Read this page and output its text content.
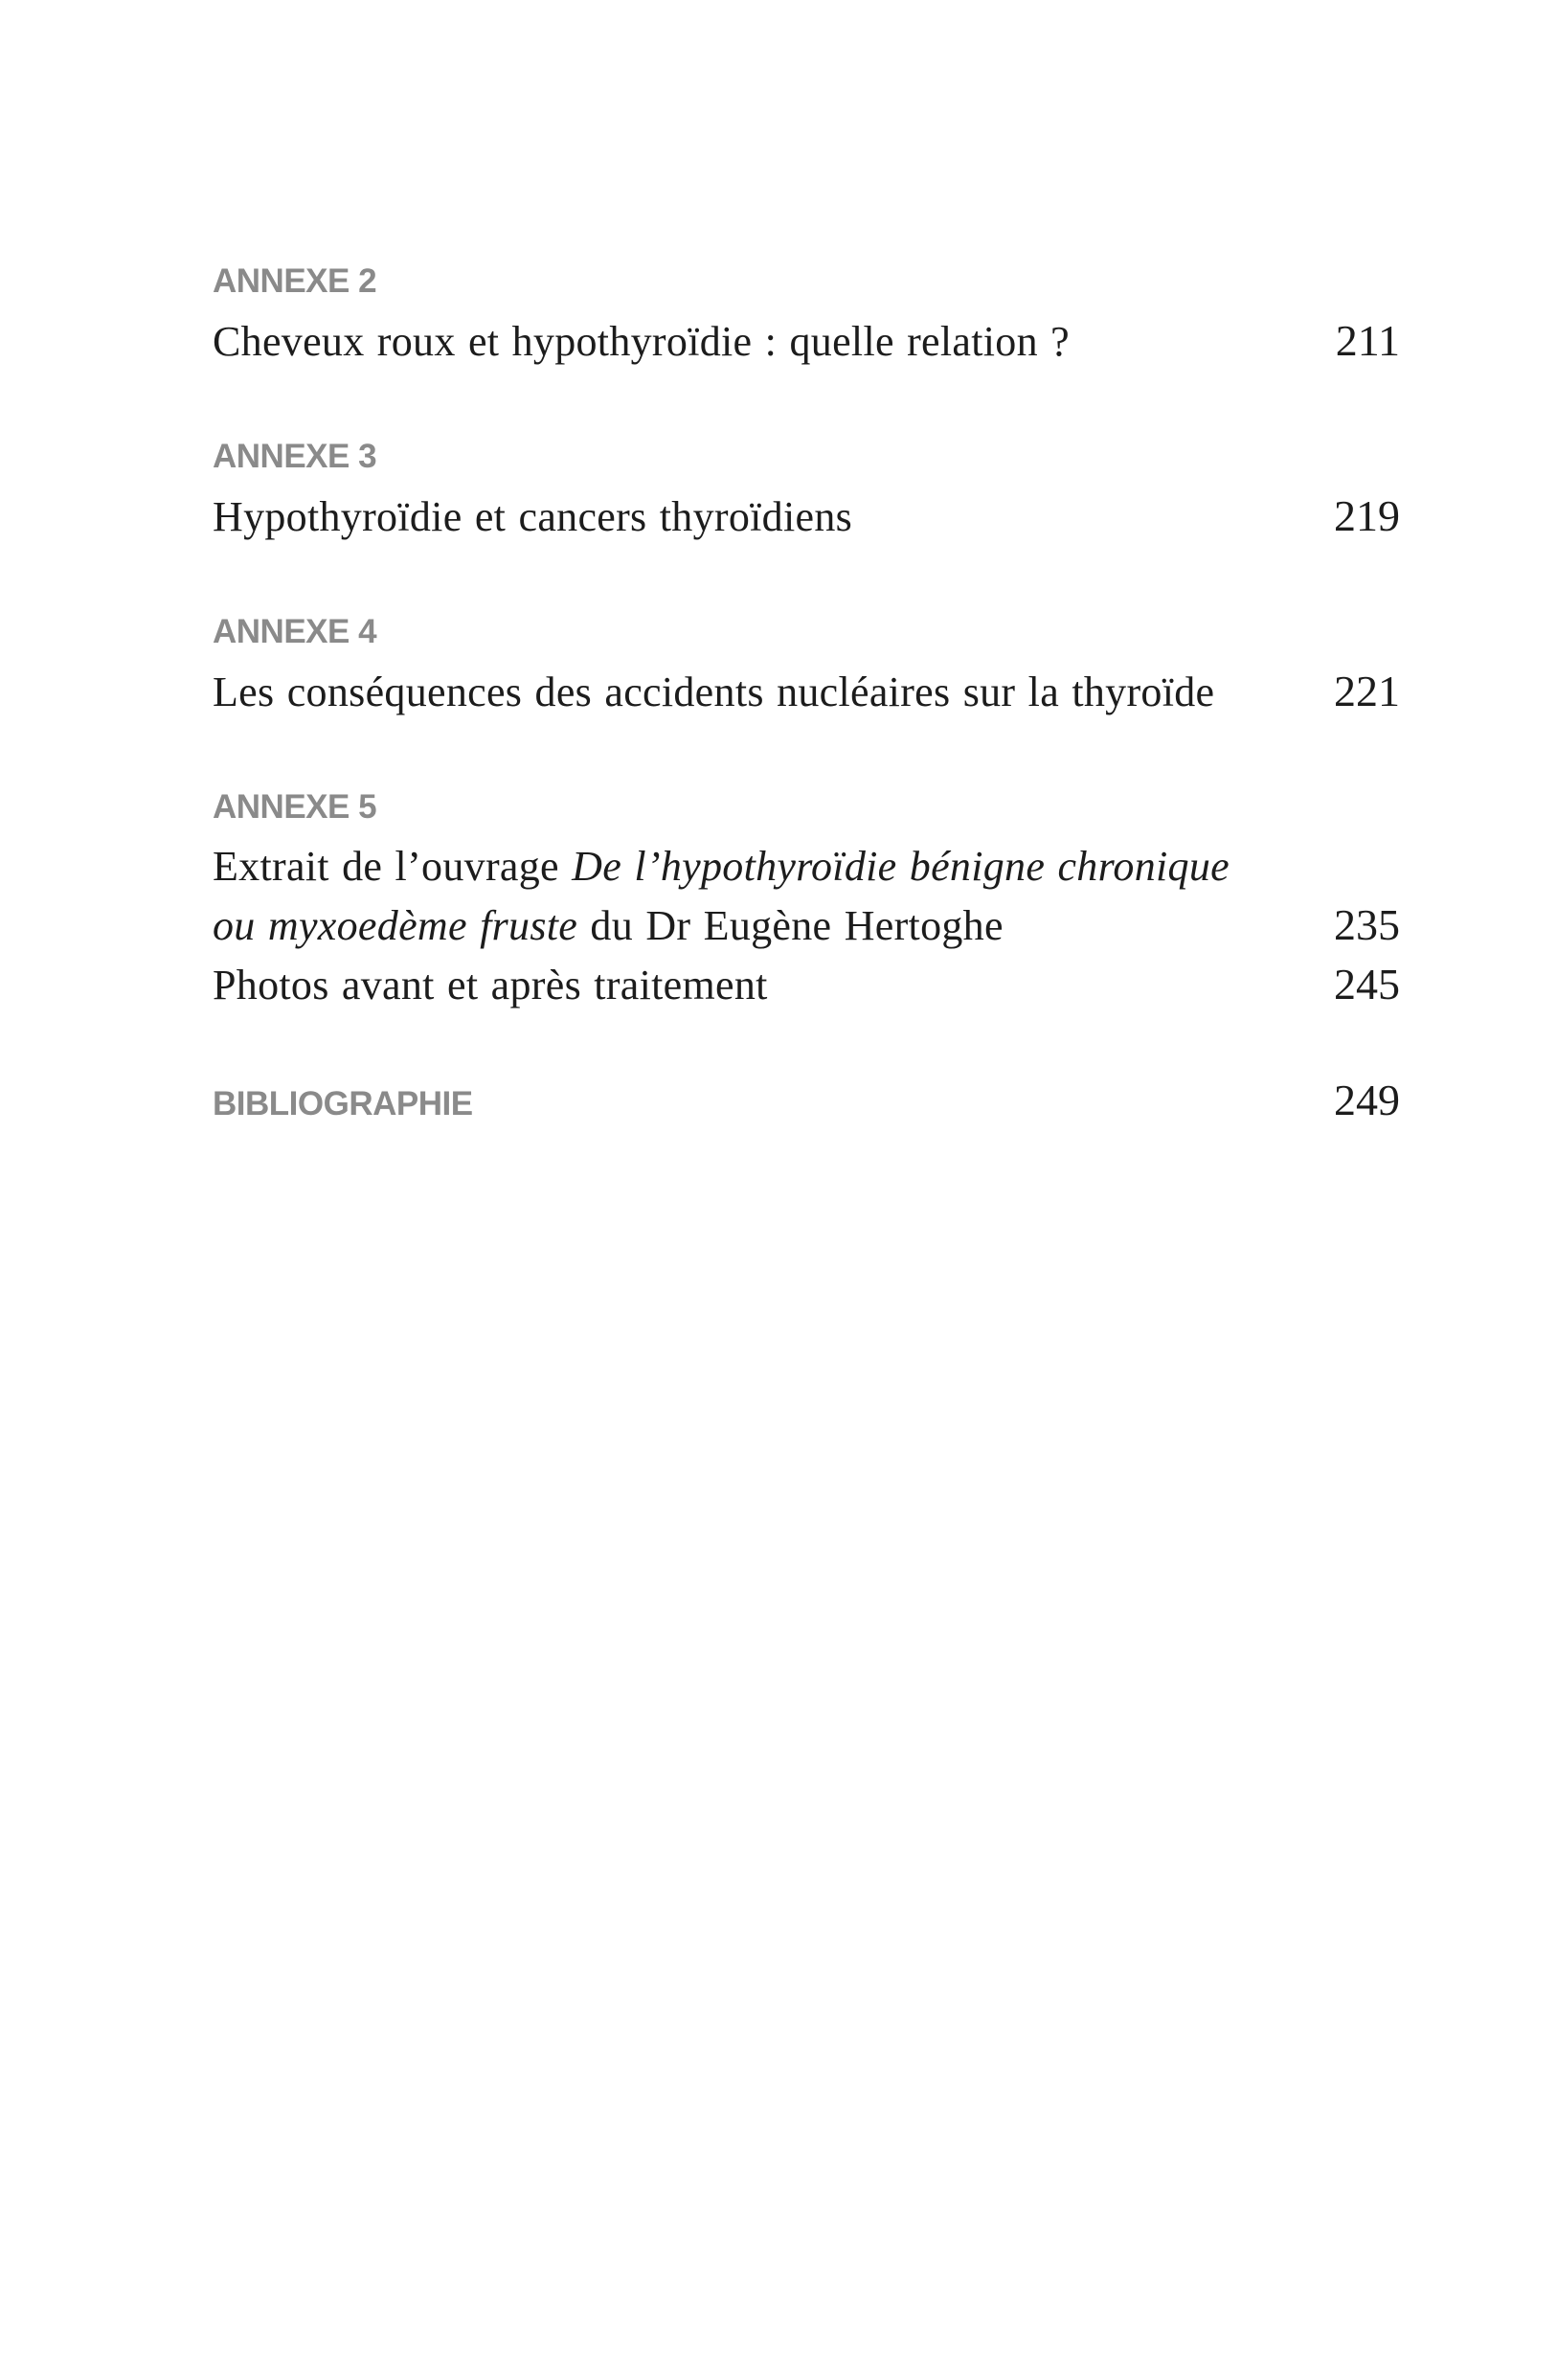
ANNEXE 2
Cheveux roux et hypothyroïdie : quelle relation ?	211
ANNEXE 3
Hypothyroïdie et cancers thyroïdiens	219
ANNEXE 4
Les conséquences des accidents nucléaires sur la thyroïde	221
ANNEXE 5
Extrait de l’ouvrage De l’hypothyroïdie bénigne chronique
ou myxoedème fruste du Dr Eugène Hertoghe	235
Photos avant et après traitement	245
BIBLIOGRAPHIE	249
